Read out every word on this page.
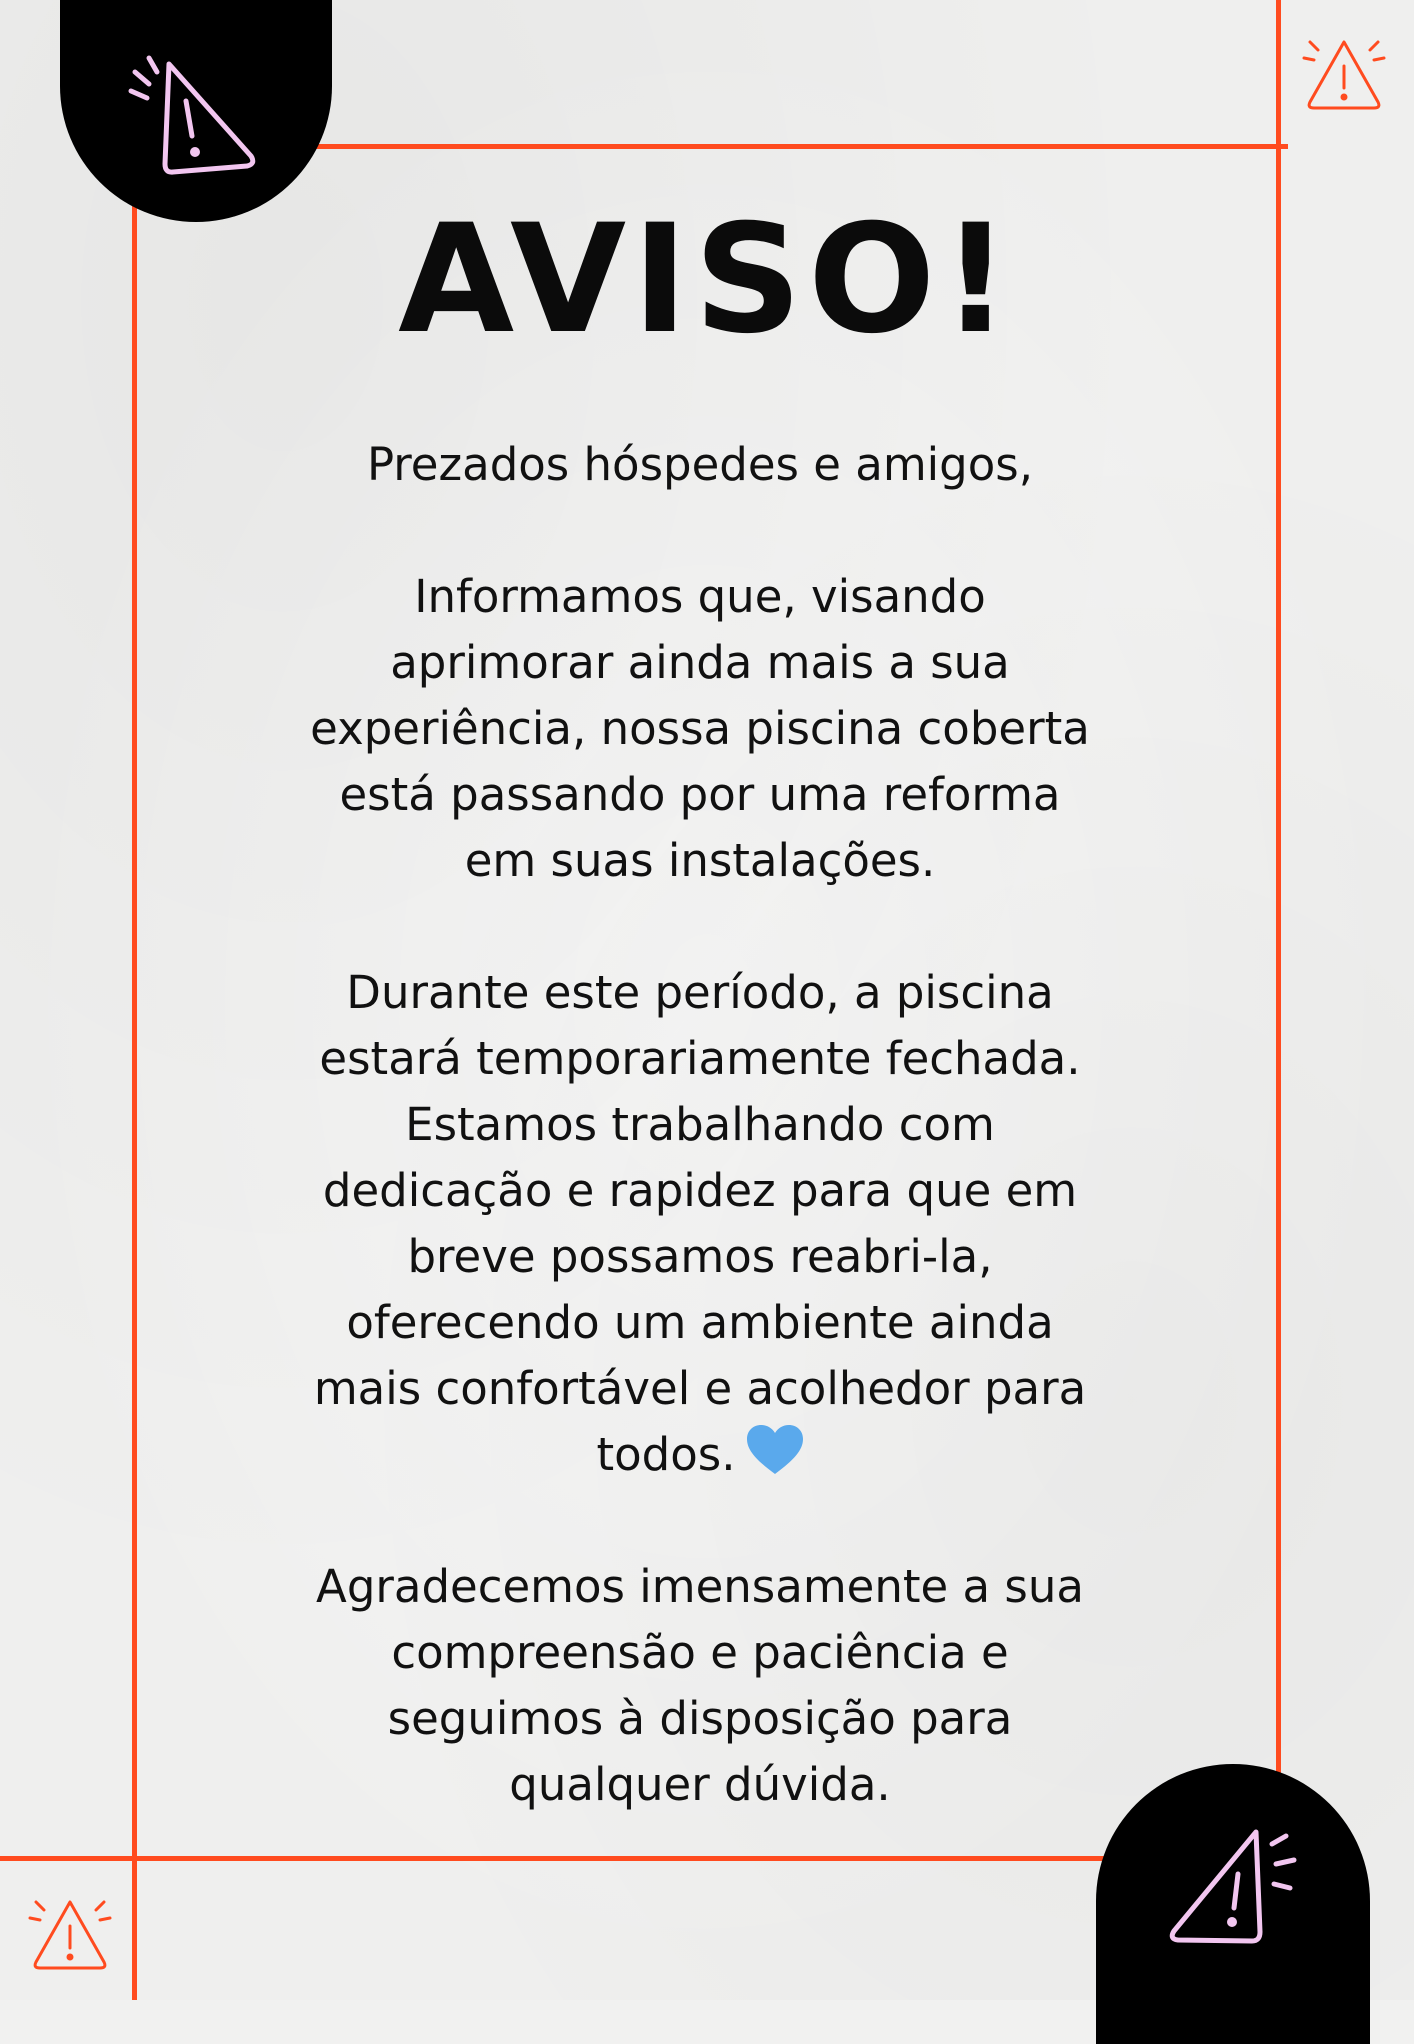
AVISO!
Prezados hóspedes e amigos,
Informamos que, visando
aprimorar ainda mais a sua
experiência, nossa piscina coberta
está passando por uma reforma
em suas instalações.
Durante este período, a piscina
estará temporariamente fechada.
Estamos trabalhando com
dedicação e rapidez para que em
breve possamos reabri-la,
oferecendo um ambiente ainda
mais confortável e acolhedor para
todos.
Agradecemos imensamente a sua
compreensão e paciência e
seguimos à disposição para
qualquer dúvida.
